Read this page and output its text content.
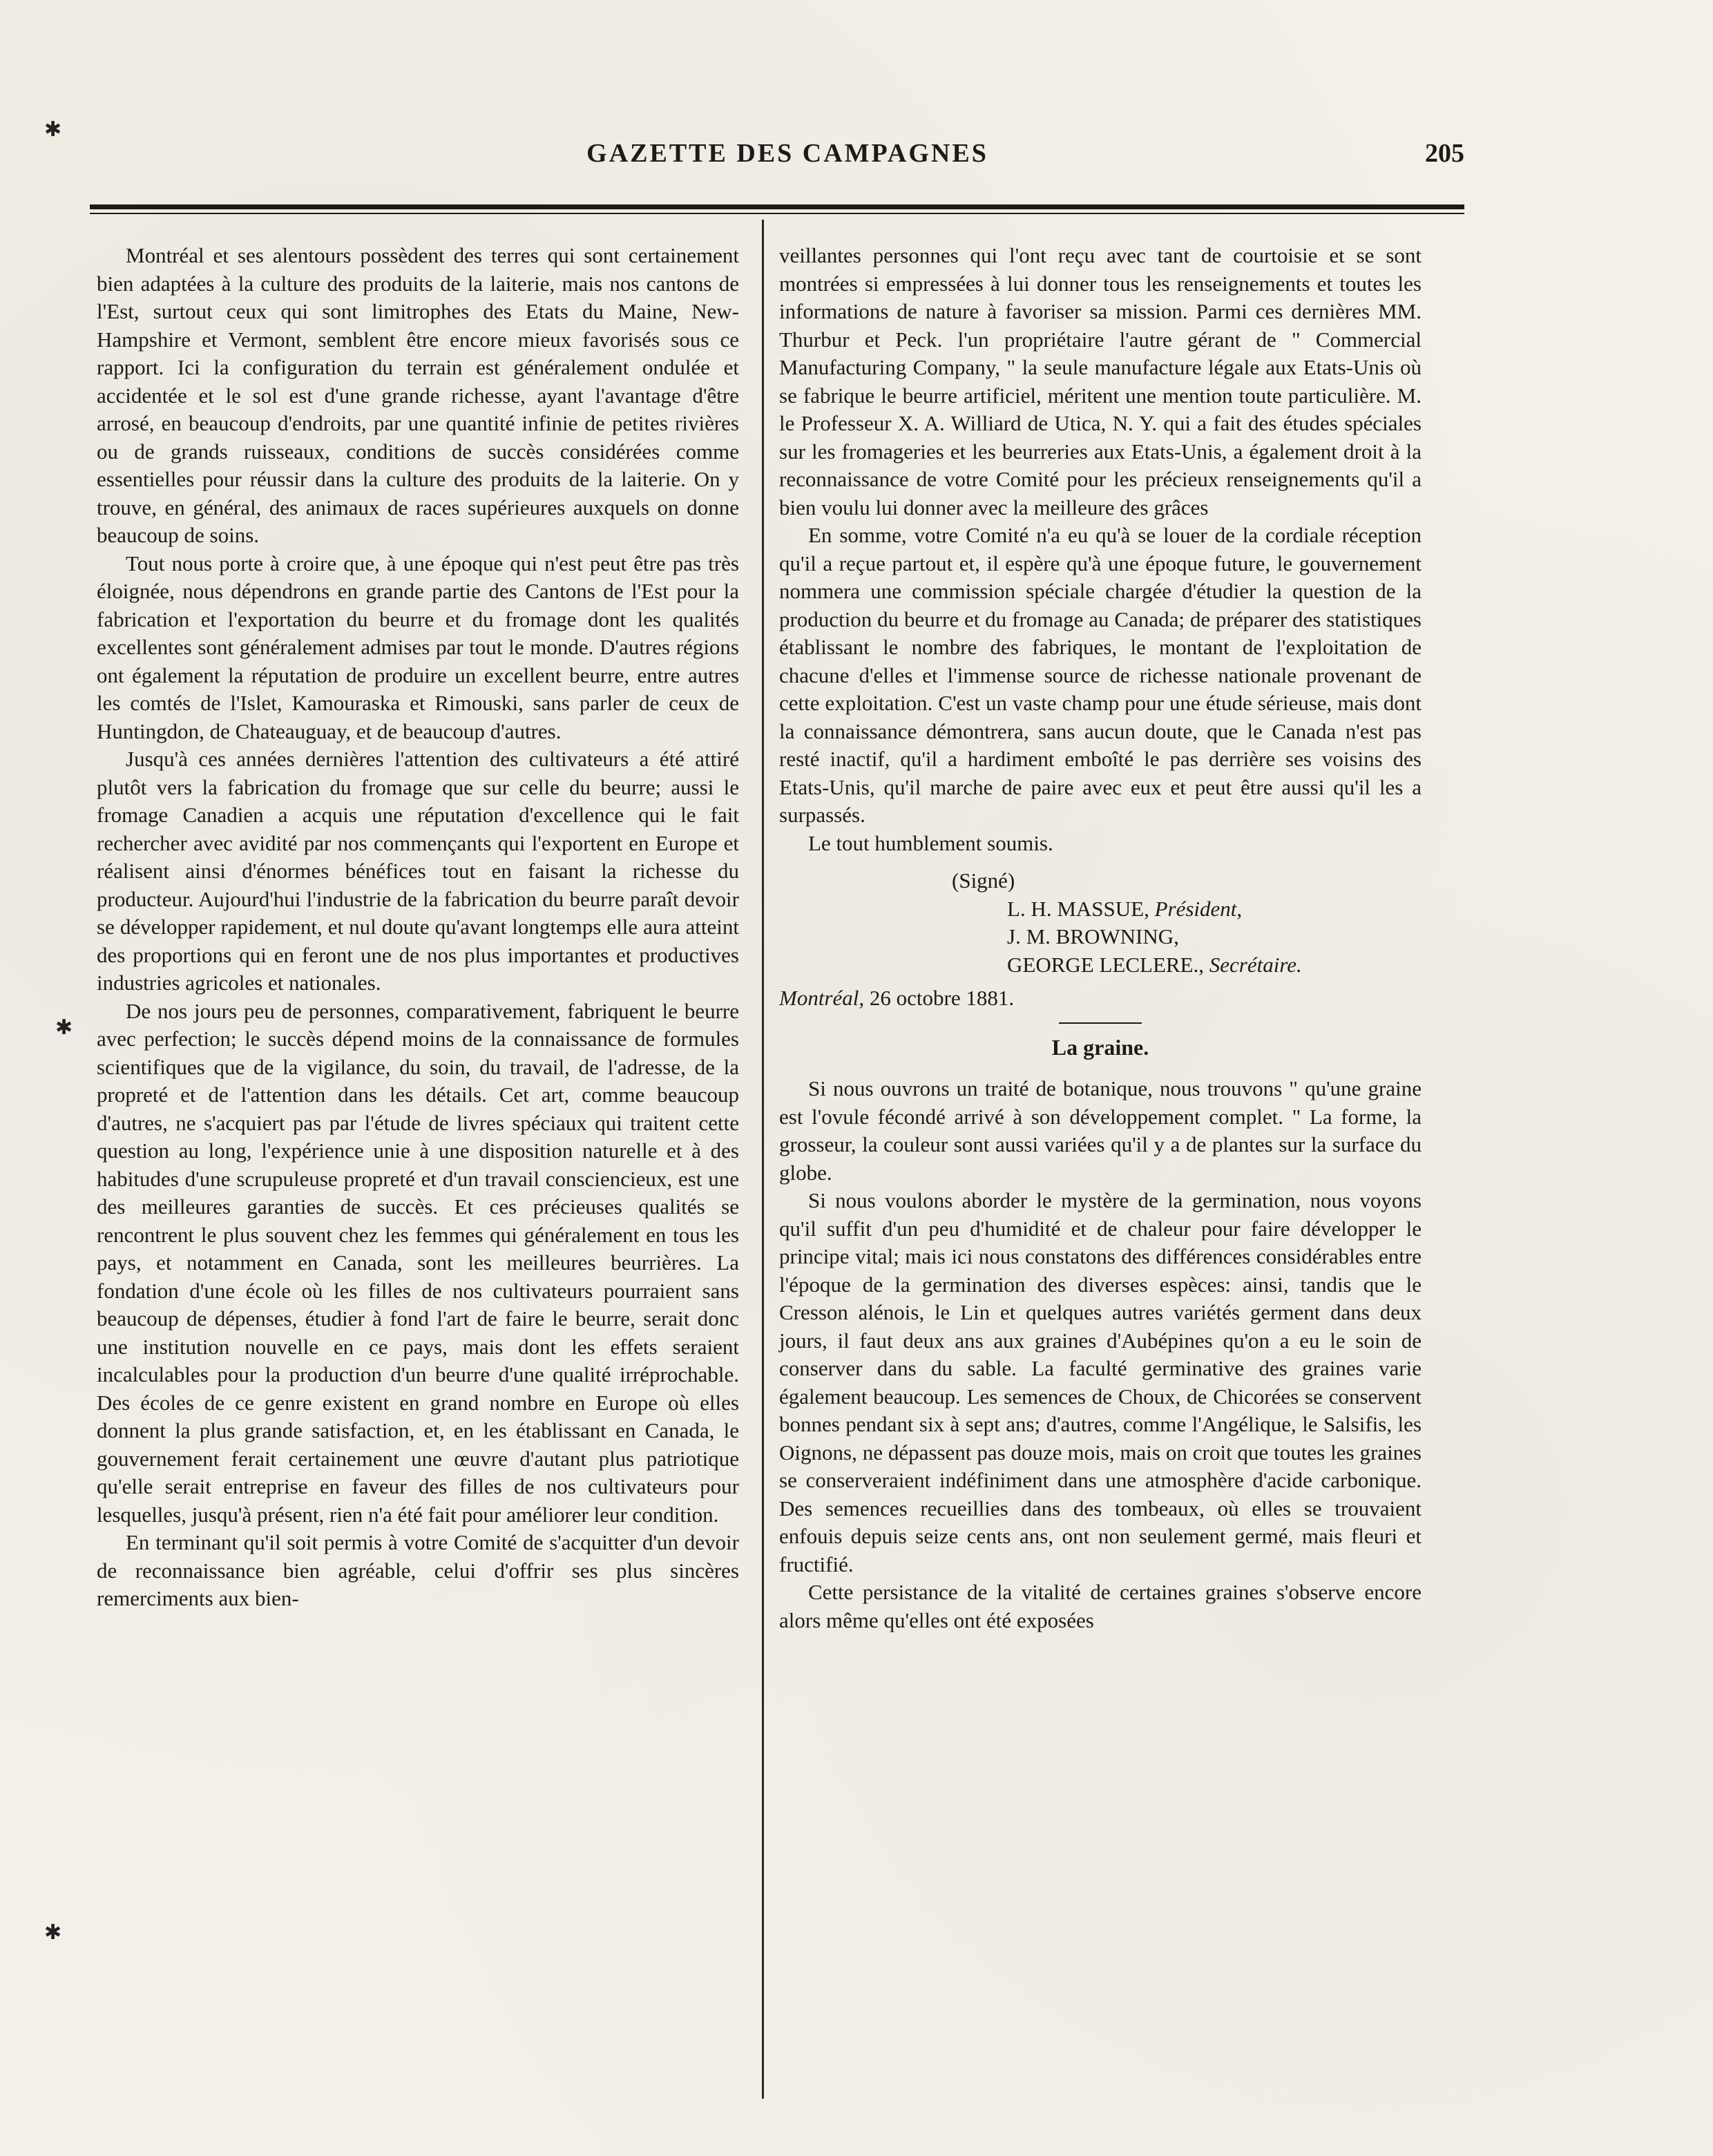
✱
✱
✱
GAZETTE DES CAMPAGNES	205

Montréal et ses alentours possèdent des terres qui sont certainement bien adaptées à la culture des produits de la laiterie, mais nos cantons de l'Est, surtout ceux qui sont limitrophes des Etats du Maine, New-Hampshire et Vermont, semblent être encore mieux favorisés sous ce rapport. Ici la configuration du terrain est généralement ondulée et accidentée et le sol est d'une grande richesse, ayant l'avantage d'être arrosé, en beaucoup d'endroits, par une quantité infinie de petites rivières ou de grands ruisseaux, conditions de succès considérées comme essentielles pour réussir dans la culture des produits de la laiterie. On y trouve, en général, des animaux de races supérieures auxquels on donne beaucoup de soins.

Tout nous porte à croire que, à une époque qui n'est peut être pas très éloignée, nous dépendrons en grande partie des Cantons de l'Est pour la fabrication et l'exportation du beurre et du fromage dont les qualités excellentes sont généralement admises par tout le monde. D'autres régions ont également la réputation de produire un excellent beurre, entre autres les comtés de l'Islet, Kamouraska et Rimouski, sans parler de ceux de Huntingdon, de Chateauguay, et de beaucoup d'autres.

Jusqu'à ces années dernières l'attention des cultivateurs a été attiré plutôt vers la fabrication du fromage que sur celle du beurre; aussi le fromage Canadien a acquis une réputation d'excellence qui le fait rechercher avec avidité par nos commençants qui l'exportent en Europe et réalisent ainsi d'énormes bénéfices tout en faisant la richesse du producteur. Aujourd'hui l'industrie de la fabrication du beurre paraît devoir se développer rapidement, et nul doute qu'avant longtemps elle aura atteint des proportions qui en feront une de nos plus importantes et productives industries agricoles et nationales.

De nos jours peu de personnes, comparativement, fabriquent le beurre avec perfection; le succès dépend moins de la connaissance de formules scientifiques que de la vigilance, du soin, du travail, de l'adresse, de la propreté et de l'attention dans les détails. Cet art, comme beaucoup d'autres, ne s'acquiert pas par l'étude de livres spéciaux qui traitent cette question au long, l'expérience unie à une disposition naturelle et à des habitudes d'une scrupuleuse propreté et d'un travail consciencieux, est une des meilleures garanties de succès. Et ces précieuses qualités se rencontrent le plus souvent chez les femmes qui généralement en tous les pays, et notamment en Canada, sont les meilleures beurrières. La fondation d'une école où les filles de nos cultivateurs pourraient sans beaucoup de dépenses, étudier à fond l'art de faire le beurre, serait donc une institution nouvelle en ce pays, mais dont les effets seraient incalculables pour la production d'un beurre d'une qualité irréprochable. Des écoles de ce genre existent en grand nombre en Europe où elles donnent la plus grande satisfaction, et, en les établissant en Canada, le gouvernement ferait certainement une œuvre d'autant plus patriotique qu'elle serait entreprise en faveur des filles de nos cultivateurs pour lesquelles, jusqu'à présent, rien n'a été fait pour améliorer leur condition.

En terminant qu'il soit permis à votre Comité de s'acquitter d'un devoir de reconnaissance bien agréable, celui d'offrir ses plus sincères remerciments aux bien-

veillantes personnes qui l'ont reçu avec tant de courtoisie et se sont montrées si empressées à lui donner tous les renseignements et toutes les informations de nature à favoriser sa mission. Parmi ces dernières MM. Thurbur et Peck. l'un propriétaire l'autre gérant de " Commercial Manufacturing Company, " la seule manufacture légale aux Etats-Unis où se fabrique le beurre artificiel, méritent une mention toute particulière. M. le Professeur X. A. Williard de Utica, N. Y. qui a fait des études spéciales sur les fromageries et les beurreries aux Etats-Unis, a également droit à la reconnaissance de votre Comité pour les précieux renseignements qu'il a bien voulu lui donner avec la meilleure des grâces

En somme, votre Comité n'a eu qu'à se louer de la cordiale réception qu'il a reçue partout et, il espère qu'à une époque future, le gouvernement nommera une commission spéciale chargée d'étudier la question de la production du beurre et du fromage au Canada; de préparer des statistiques établissant le nombre des fabriques, le montant de l'exploitation de chacune d'elles et l'immense source de richesse nationale provenant de cette exploitation. C'est un vaste champ pour une étude sérieuse, mais dont la connaissance démontrera, sans aucun doute, que le Canada n'est pas resté inactif, qu'il a hardiment emboîté le pas derrière ses voisins des Etats-Unis, qu'il marche de paire avec eux et peut être aussi qu'il les a surpassés.

Le tout humblement soumis.

(Signé)
L. H. MASSUE, Président,
J. M. BROWNING,
GEORGE LECLERE., Secrétaire.
Montréal, 26 octobre 1881.
La graine.

Si nous ouvrons un traité de botanique, nous trouvons " qu'une graine est l'ovule fécondé arrivé à son développement complet. " La forme, la grosseur, la couleur sont aussi variées qu'il y a de plantes sur la surface du globe.

Si nous voulons aborder le mystère de la germination, nous voyons qu'il suffit d'un peu d'humidité et de chaleur pour faire développer le principe vital; mais ici nous constatons des différences considérables entre l'époque de la germination des diverses espèces: ainsi, tandis que le Cresson alénois, le Lin et quelques autres variétés germent dans deux jours, il faut deux ans aux graines d'Aubépines qu'on a eu le soin de conserver dans du sable. La faculté germinative des graines varie également beaucoup. Les semences de Choux, de Chicorées se conservent bonnes pendant six à sept ans; d'autres, comme l'Angélique, le Salsifis, les Oignons, ne dépassent pas douze mois, mais on croit que toutes les graines se conserveraient indéfiniment dans une atmosphère d'acide carbonique. Des semences recueillies dans des tombeaux, où elles se trouvaient enfouis depuis seize cents ans, ont non seulement germé, mais fleuri et fructifié.

Cette persistance de la vitalité de certaines graines s'observe encore alors même qu'elles ont été exposées
